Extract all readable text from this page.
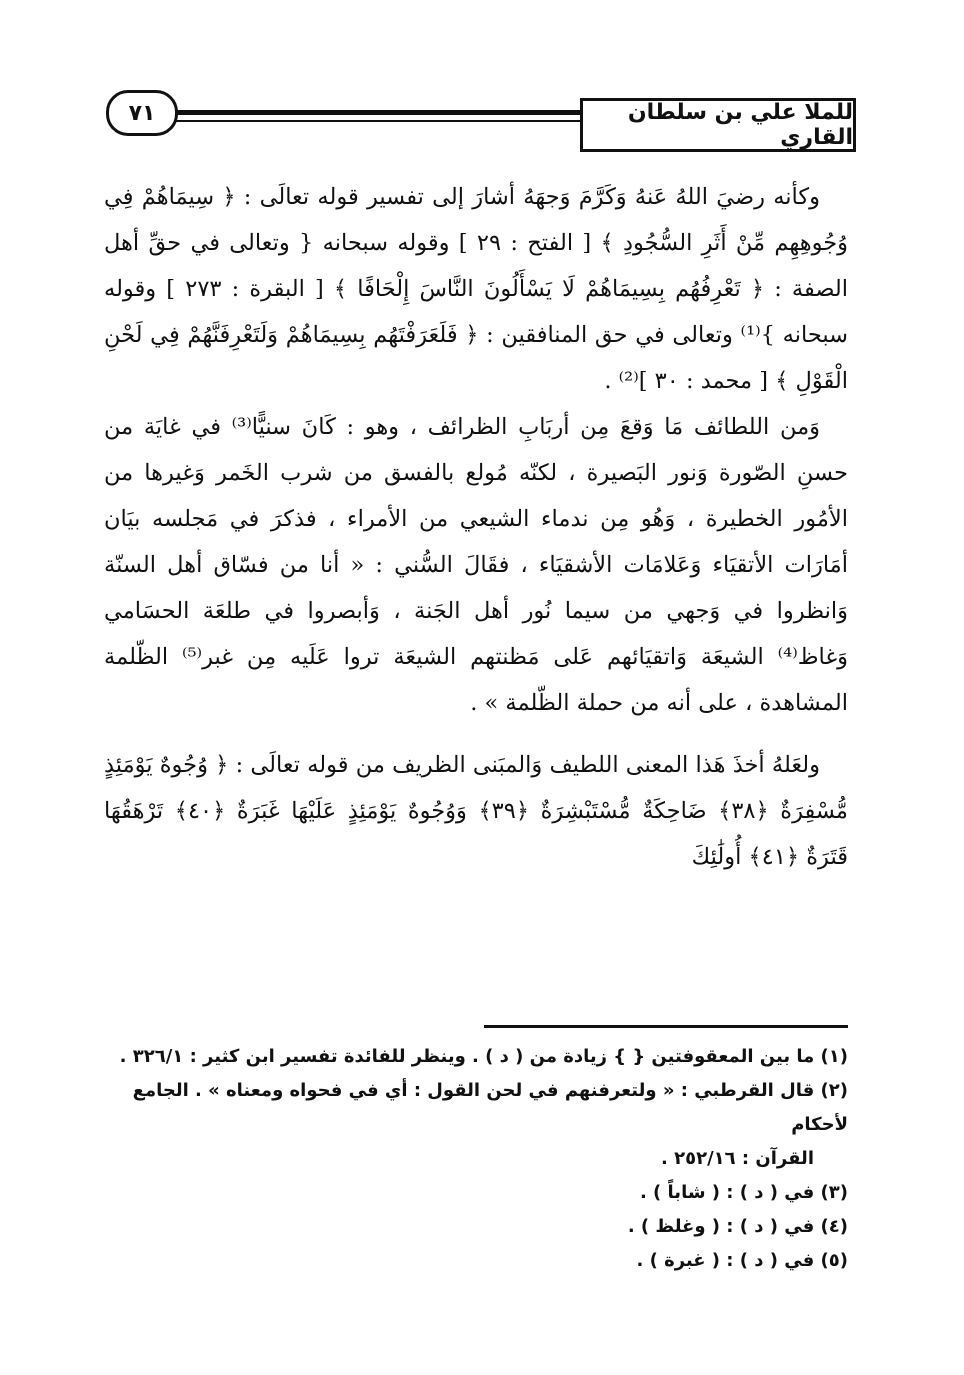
٧١	للملا علي بن سلطان القاري

وكأنه رضيَ اللهُ عَنهُ وَكَرَّمَ وَجهَهُ أشارَ إلى تفسير قوله تعالَى : ﴿ سِيمَاهُمْ فِي وُجُوهِهِم مِّنْ أَثَرِ السُّجُودِ ﴾ [ الفتح : ٢٩ ] وقوله سبحانه { وتعالى في حقِّ أهل الصفة : ﴿ تَعْرِفُهُم بِسِيمَاهُمْ لَا يَسْأَلُونَ النَّاسَ إِلْحَافًا ﴾ [ البقرة : ٢٧٣ ] وقوله سبحانه }⁽¹⁾ وتعالى في حق المنافقين : ﴿ فَلَعَرَفْتَهُم بِسِيمَاهُمْ وَلَتَعْرِفَنَّهُمْ فِي لَحْنِ الْقَوْلِ ﴾ [ محمد : ٣٠ ]⁽²⁾ .

وَمن اللطائف مَا وَقعَ مِن أربَابِ الظرائف ، وهو : كَانَ سنيًّا⁽³⁾ في غايَة من حسنِ الصّورة وَنور البَصيرة ، لكنّه مُولع بالفسق من شرب الخَمر وَغيرها من الأمُور الخطيرة ، وَهُو مِن ندماء الشيعي من الأمراء ، فذكرَ في مَجلسه بيَان أمَارَات الأتقيَاء وَعَلامَات الأشقيَاء ، فقَالَ السُّني : « أنا من فسّاق أهل السنّة وَانظروا في وَجهي من سيما نُور أهل الجَنة ، وَأبصروا في طلعَة الحسَامي وَغاظ⁽⁴⁾ الشيعَة وَاتقيَائهم عَلى مَظنتهم الشيعَة تروا عَلَيه مِن غبر⁽⁵⁾ الظّلمة المشاهدة ، على أنه من حملة الظّلمة » .

ولعَلهُ أخذَ هَذا المعنى اللطيف وَالمبَنى الظريف من قوله تعالَى : ﴿ وُجُوهٌ يَوْمَئِذٍ مُّسْفِرَةٌ ﴿٣٨﴾ ضَاحِكَةٌ مُّسْتَبْشِرَةٌ ﴿٣٩﴾ وَوُجُوهٌ يَوْمَئِذٍ عَلَيْهَا غَبَرَةٌ ﴿٤٠﴾ تَرْهَقُهَا قَتَرَةٌ ﴿٤١﴾ أُولَٰئِكَ

(١) ما بين المعقوفتين { } زيادة من ( د ) . وينظر للفائدة تفسير ابن كثير : ٣٢٦/١ .

(٢) قال القرطبي : « ولتعرفنهم في لحن القول : أي في فحواه ومعناه » . الجامع لأحكام
القرآن : ٢٥٢/١٦ .

(٣) في ( د ) : ( شاباً ) .

(٤) في ( د ) : ( وغلظ ) .

(٥) في ( د ) : ( غبرة ) .
